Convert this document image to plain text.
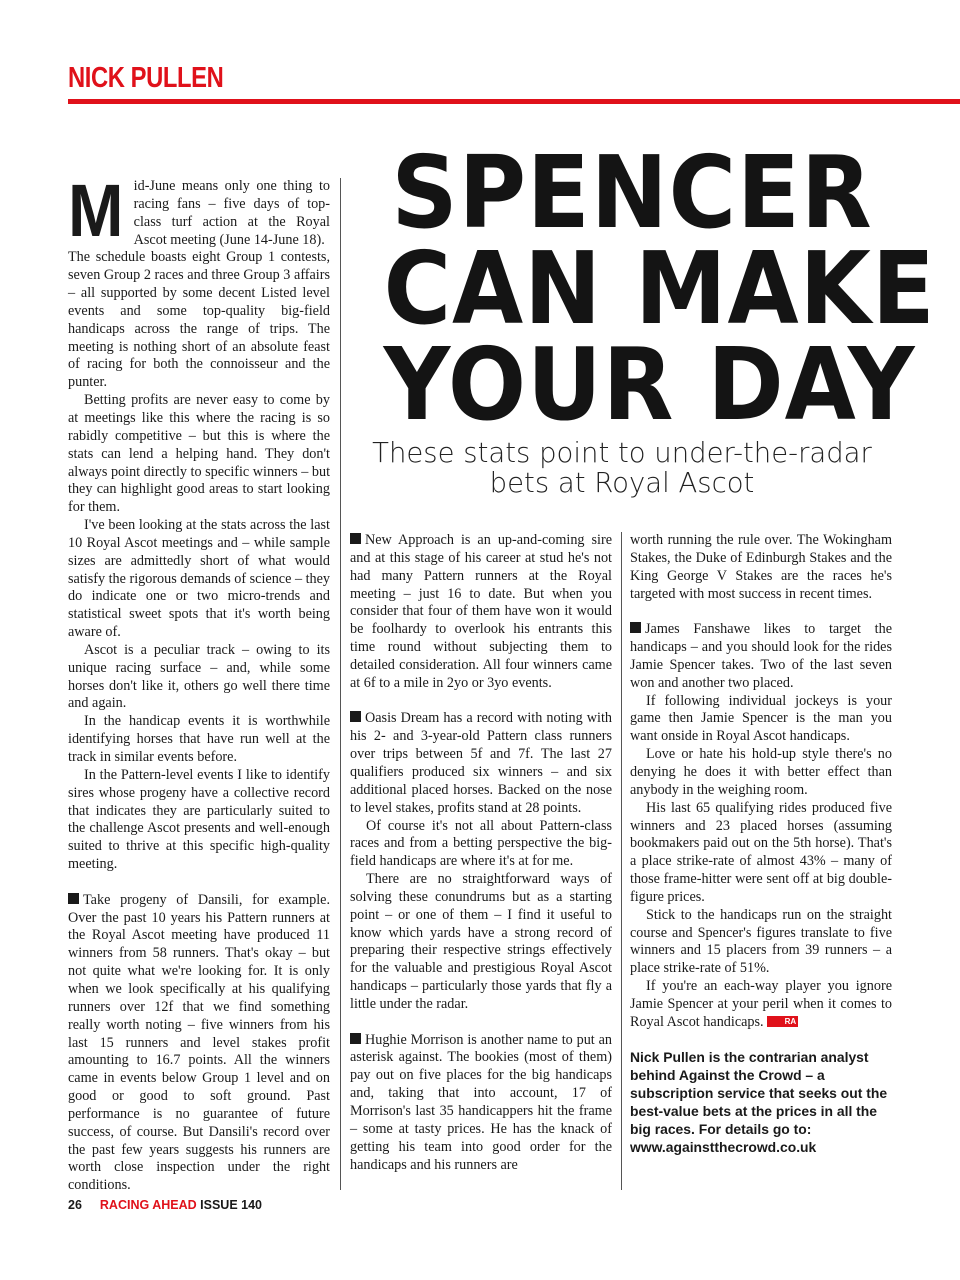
NICK PULLEN
SPENCER
CAN MAKE
YOUR DAY
These stats point to under-the-radar bets at Royal Ascot

Mid-June means only one thing to racing fans – five days of top-class turf action at the Royal Ascot meeting (June 14-June 18).

The schedule boasts eight Group 1 contests, seven Group 2 races and three Group 3 affairs – all supported by some decent Listed level events and some top-quality big-field handicaps across the range of trips. The meeting is nothing short of an absolute feast of racing for both the connoisseur and the punter.

Betting profits are never easy to come by at meetings like this where the racing is so rabidly competitive – but this is where the stats can lend a helping hand. They don't always point directly to specific winners – but they can highlight good areas to start looking for them.

I've been looking at the stats across the last 10 Royal Ascot meetings and – while sample sizes are admittedly short of what would satisfy the rigorous demands of science – they do indicate one or two micro-trends and statistical sweet spots that it's worth being aware of.

Ascot is a peculiar track – owing to its unique racing surface – and, while some horses don't like it, others go well there time and again.

In the handicap events it is worthwhile identifying horses that have run well at the track in similar events before.

In the Pattern-level events I like to identify sires whose progeny have a collective record that indicates they are particularly suited to the challenge Ascot presents and well-enough suited to thrive at this specific high-quality meeting.

Take progeny of Dansili, for example. Over the past 10 years his Pattern runners at the Royal Ascot meeting have produced 11 winners from 58 runners. That's okay – but not quite what we're looking for. It is only when we look specifically at his qualifying runners over 12f that we find something really worth noting – five winners from his last 15 runners and level stakes profit amounting to 16.7 points. All the winners came in events below Group 1 level and on good or good to soft ground. Past performance is no guarantee of future success, of course. But Dansili's record over the past few years suggests his runners are worth close inspection under the right conditions.

New Approach is an up-and-coming sire and at this stage of his career at stud he's not had many Pattern runners at the Royal meeting – just 16 to date. But when you consider that four of them have won it would be foolhardy to overlook his entrants this time round without subjecting them to detailed consideration. All four winners came at 6f to a mile in 2yo or 3yo events.

Oasis Dream has a record with noting with his 2- and 3-year-old Pattern class runners over trips between 5f and 7f. The last 27 qualifiers produced six winners – and six additional placed horses. Backed on the nose to level stakes, profits stand at 28 points.

Of course it's not all about Pattern-class races and from a betting perspective the big-field handicaps are where it's at for me.

There are no straightforward ways of solving these conundrums but as a starting point – or one of them – I find it useful to know which yards have a strong record of preparing their respective strings effectively for the valuable and prestigious Royal Ascot handicaps – particularly those yards that fly a little under the radar.

Hughie Morrison is another name to put an asterisk against. The bookies (most of them) pay out on five places for the big handicaps and, taking that into account, 17 of Morrison's last 35 handicappers hit the frame – some at tasty prices. He has the knack of getting his team into good order for the handicaps and his runners are

worth running the rule over. The Wokingham Stakes, the Duke of Edinburgh Stakes and the King George V Stakes are the races he's targeted with most success in recent times.

James Fanshawe likes to target the handicaps – and you should look for the rides Jamie Spencer takes. Two of the last seven won and another two placed.

If following individual jockeys is your game then Jamie Spencer is the man you want onside in Royal Ascot handicaps.

Love or hate his hold-up style there's no denying he does it with better effect than anybody in the weighing room.

His last 65 qualifying rides produced five winners and 23 placed horses (assuming bookmakers paid out on the 5th horse). That's a place strike-rate of almost 43% – many of those frame-hitter were sent off at big double-figure prices.

Stick to the handicaps run on the straight course and Spencer's figures translate to five winners and 15 placers from 39 runners – a place strike-rate of 51%.

If you're an each-way player you ignore Jamie Spencer at your peril when it comes to Royal Ascot handicaps.	RA

Nick Pullen is the contrarian analyst behind Against the Crowd – a subscription service that seeks out the best-value bets at the prices in all the big races. For details go to: www.againstthecrowd.co.uk

26 RACING AHEAD ISSUE 140
